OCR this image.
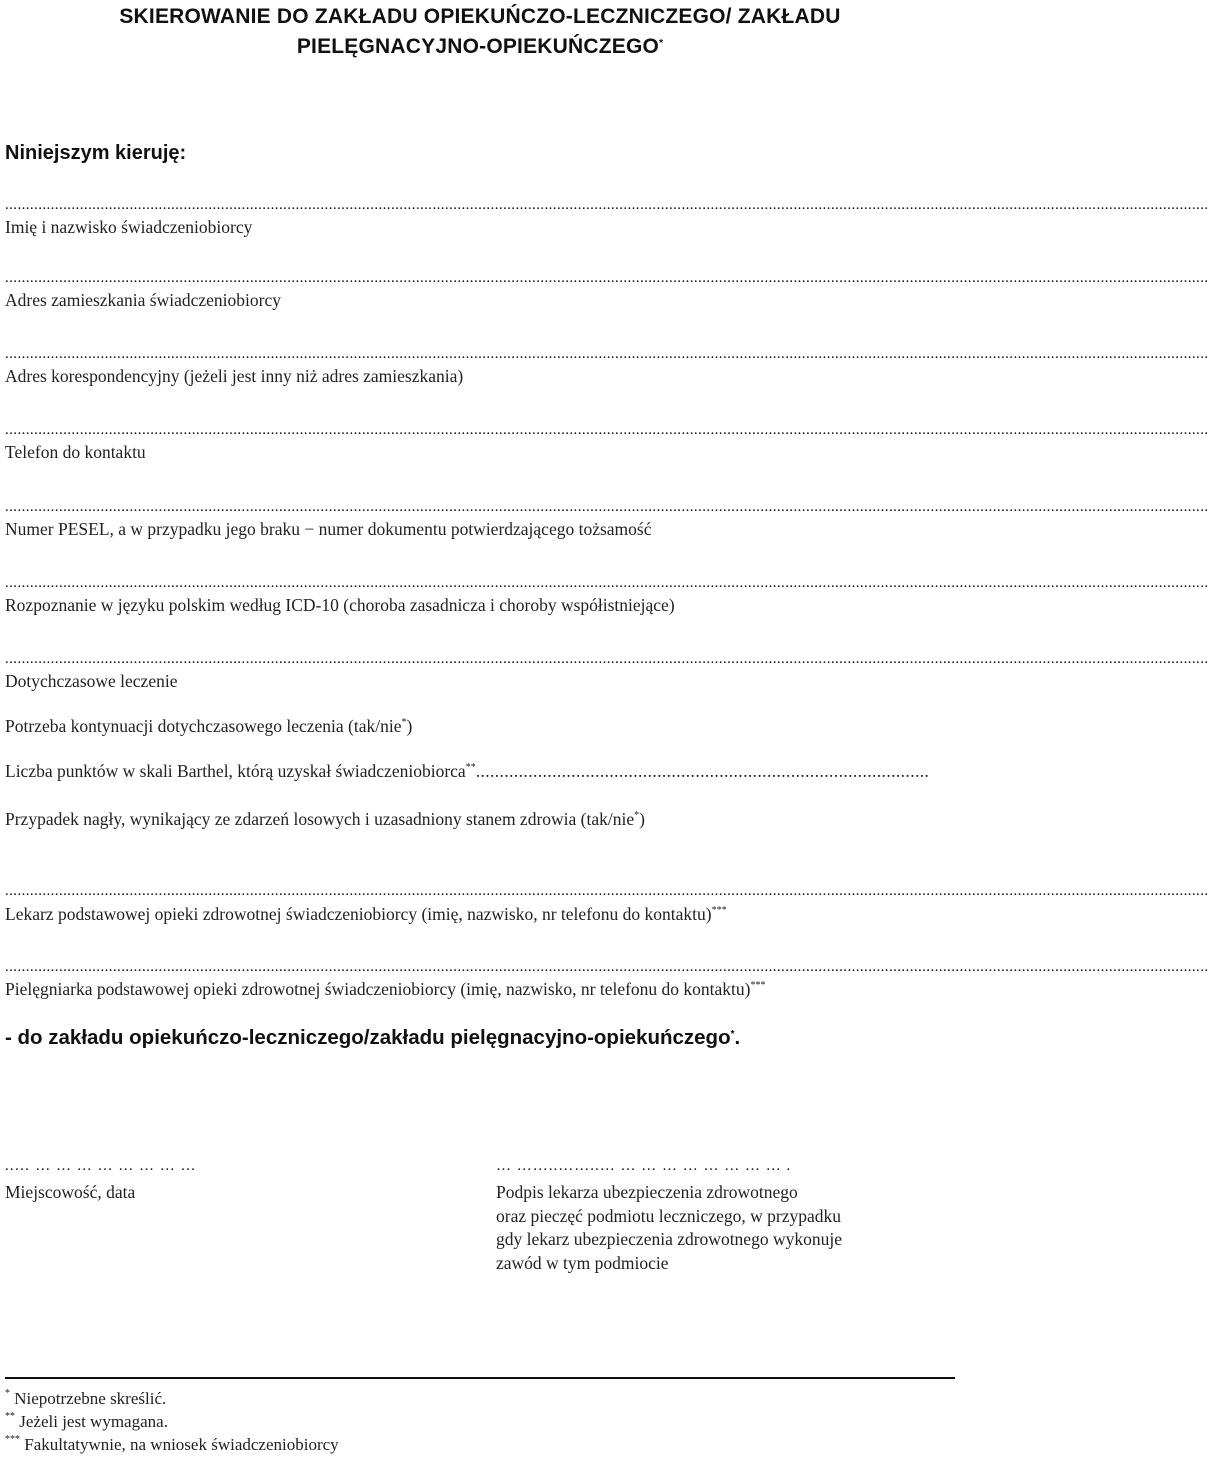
SKIEROWANIE DO ZAKŁADU OPIEKUŃCZO-LECZNICZEGO/ ZAKŁADU
PIELĘGNACYJNO-OPIEKUŃCZEGO*
Niniejszym kieruję:
..................................................................................................................................................................................................................................................................................................
Imię i nazwisko świadczeniobiorcy
..................................................................................................................................................................................................................................................................................................
Adres zamieszkania świadczeniobiorcy
..................................................................................................................................................................................................................................................................................................
Adres korespondencyjny (jeżeli jest inny niż adres zamieszkania)
..................................................................................................................................................................................................................................................................................................
Telefon do kontaktu
..................................................................................................................................................................................................................................................................................................
Numer PESEL, a w przypadku jego braku − numer dokumentu potwierdzającego tożsamość
..................................................................................................................................................................................................................................................................................................
Rozpoznanie w języku polskim według ICD-10 (choroba zasadnicza i choroby współistniejące)
..................................................................................................................................................................................................................................................................................................
Dotychczasowe leczenie
Potrzeba kontynuacji dotychczasowego leczenia (tak/nie*)
Liczba punktów w skali Barthel, którą uzyskał świadczeniobiorca**...............................................................................................
Przypadek nagły, wynikający ze zdarzeń losowych i uzasadniony stanem zdrowia (tak/nie*)
..................................................................................................................................................................................................................................................................................................
Lekarz podstawowej opieki zdrowotnej świadczeniobiorcy (imię, nazwisko, nr telefonu do kontaktu)***
..................................................................................................................................................................................................................................................................................................
Pielęgniarka podstawowej opieki zdrowotnej świadczeniobiorcy (imię, nazwisko, nr telefonu do kontaktu)***
- do zakładu opiekuńczo-leczniczego/zakładu pielęgnacyjno-opiekuńczego*.
..… … … … … … … … …
Miejscowość, data
… ……..……..… … … … … … … … … .
Podpis lekarza ubezpieczenia zdrowotnego
oraz pieczęć podmiotu leczniczego, w przypadku
gdy lekarz ubezpieczenia zdrowotnego wykonuje
zawód w tym podmiocie
* Niepotrzebne skreślić.
** Jeżeli jest wymagana.
*** Fakultatywnie, na wniosek świadczeniobiorcy
